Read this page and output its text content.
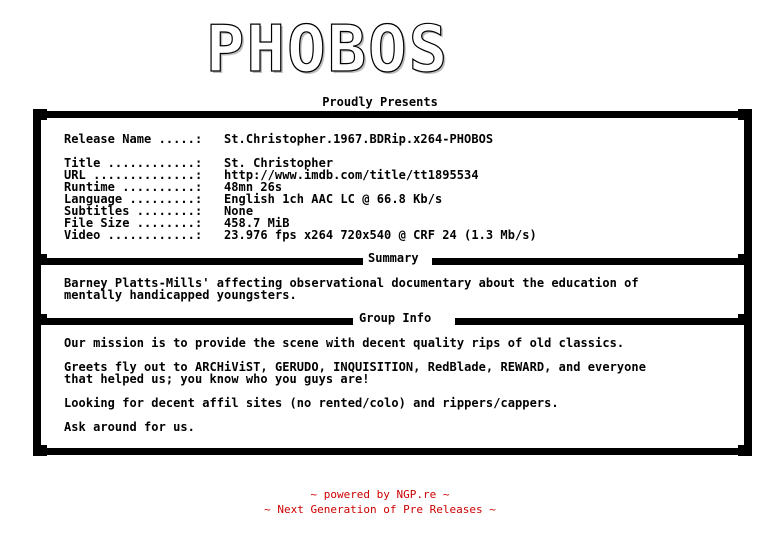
PHOBOS
Proudly Presents
Release Name .....: St.Christopher.1967.BDRip.x264-PHOBOS
Title ............: St. Christopher
URL ..............: http://www.imdb.com/title/tt1895534
Runtime ..........: 48mn 26s
Language .........: English 1ch AAC LC @ 66.8 Kb/s
Subtitles ........: None
File Size ........: 458.7 MiB
Video ............: 23.976 fps x264 720x540 @ CRF 24 (1.3 Mb/s)
Summary
Barney Platts-Mills' affecting observational documentary about the education of
mentally handicapped youngsters.
Group Info
Our mission is to provide the scene with decent quality rips of old classics.
Greets fly out to ARCHiViST, GERUDO, INQUISITION, RedBlade, REWARD, and everyone
that helped us; you know who you guys are!
Looking for decent affil sites (no rented/colo) and rippers/cappers.
Ask around for us.
~ powered by NGP.re ~
~ Next Generation of Pre Releases ~
